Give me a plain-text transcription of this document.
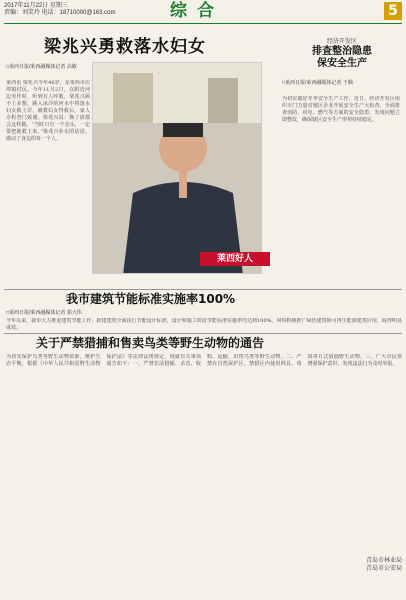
2017年11月22日 星期三
责编：刘笑玲 电话：18710000@163.com	综合	5
梁兆兴勇救落水妇女
□莱西日报/莱西融媒体记者 高敏
莱西讯 梁兆兴今年46岁，是莱西市店埠镇村民。今年11月2日，在附近河边劳作时，听到有人呼救，梁兆兴顾不上多想，跳入冰冷的河水中将落水妇女救上岸。被救妇女得救后，家人专程登门致谢。梁兆兴说：换了谁都会这样做。“当时只有一个念头，一定要把她救上来。”梁兆兴朴实的话语，感动了身边的每一个人。
莱西好人
经济开发区
排查整治隐患
保安全生产
□莱西日报/莱西融媒体记者 王顺
为切实做好冬季安全生产工作，近日，经济开发区组织专门力量对辖区企业开展安全生产大检查，全面排查消防、用电、燃气等方面的安全隐患，发现问题立即整改，确保辖区安全生产形势持续稳定。
我市建筑节能标准实施率100%
□莱西日报/莱西融媒体记者 郭大伟
今年以来，我市大力推进建筑节能工作，新建建筑全面执行节能设计标准，设计和施工阶段节能标准实施率均达到100%。同时积极推广绿色建筑和可再生能源建筑应用，取得明显成效。
关于严禁猎捕和售卖鸟类等野生动物的通告
为切实保护鸟类等野生动物资源，维护生态平衡，根据《中华人民共和国野生动物保护法》等法律法规规定，现就有关事项通告如下：一、严禁非法猎捕、杀害、收购、运输、出售鸟类等野生动物。二、严禁在自然保护区、禁猎区内使用网具、毒饵等方式猎捕野生动物。三、广大市民要增强保护意识，发现违法行为及时举报。
青岛市林业局
青岛市公安局
